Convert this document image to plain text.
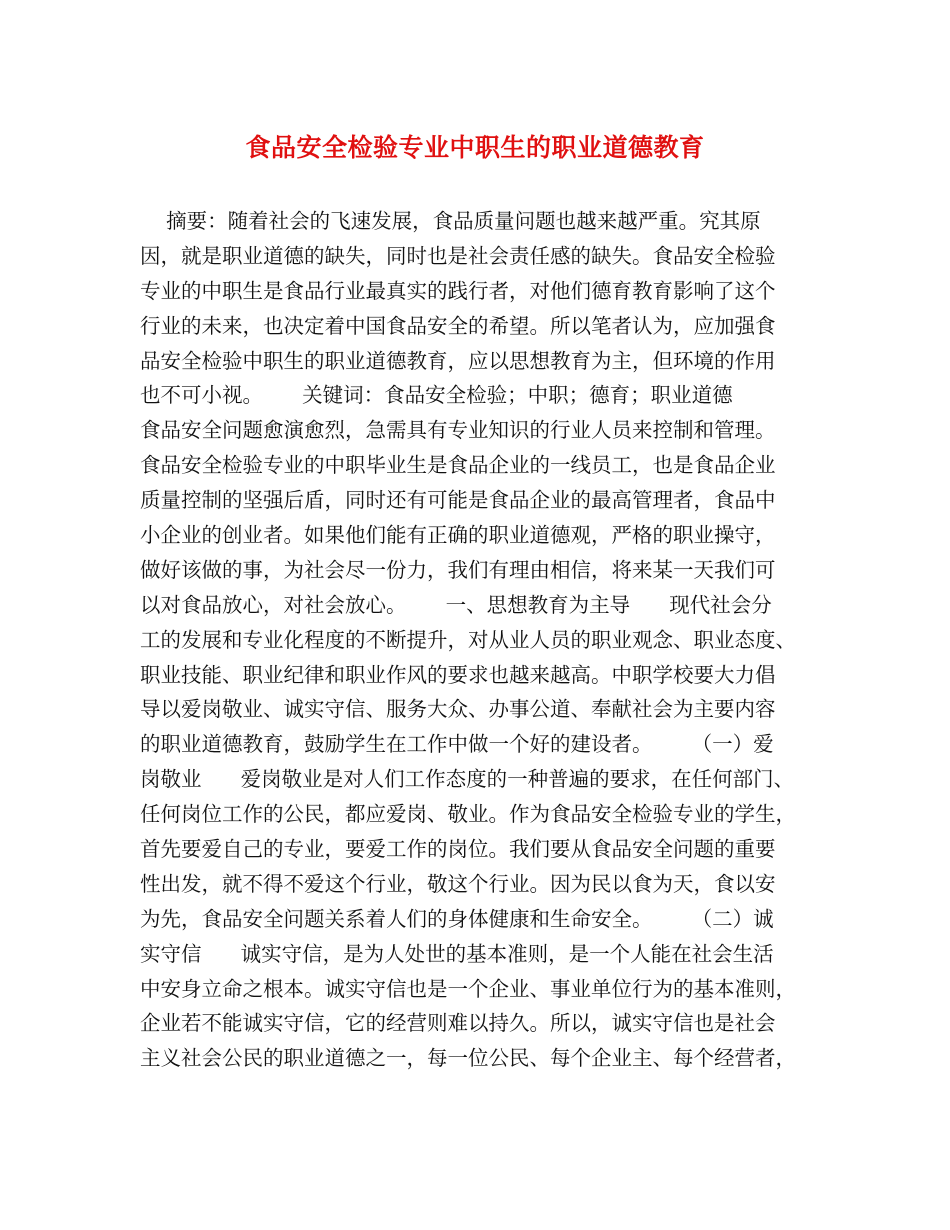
食品安全检验专业中职生的职业道德教育
摘要：随着社会的飞速发展，食品质量问题也越来越严重。究其原
因，就是职业道德的缺失，同时也是社会责任感的缺失。食品安全检验
专业的中职生是食品行业最真实的践行者，对他们德育教育影响了这个
行业的未来，也决定着中国食品安全的希望。所以笔者认为，应加强食
品安全检验中职生的职业道德教育，应以思想教育为主，但环境的作用
也不可小视。      关键词：食品安全检验；中职；德育；职业道德
食品安全问题愈演愈烈，急需具有专业知识的行业人员来控制和管理。
食品安全检验专业的中职毕业生是食品企业的一线员工，也是食品企业
质量控制的坚强后盾，同时还有可能是食品企业的最高管理者，食品中
小企业的创业者。如果他们能有正确的职业道德观，严格的职业操守，
做好该做的事，为社会尽一份力，我们有理由相信，将来某一天我们可
以对食品放心，对社会放心。      一、思想教育为主导      现代社会分
工的发展和专业化程度的不断提升，对从业人员的职业观念、职业态度、
职业技能、职业纪律和职业作风的要求也越来越高。中职学校要大力倡
导以爱岗敬业、诚实守信、服务大众、办事公道、奉献社会为主要内容
的职业道德教育，鼓励学生在工作中做一个好的建设者。      （一）爱
岗敬业      爱岗敬业是对人们工作态度的一种普遍的要求，在任何部门、
任何岗位工作的公民，都应爱岗、敬业。作为食品安全检验专业的学生，
首先要爱自己的专业，要爱工作的岗位。我们要从食品安全问题的重要
性出发，就不得不爱这个行业，敬这个行业。因为民以食为天，食以安
为先，食品安全问题关系着人们的身体健康和生命安全。      （二）诚
实守信      诚实守信，是为人处世的基本准则，是一个人能在社会生活
中安身立命之根本。诚实守信也是一个企业、事业单位行为的基本准则，
企业若不能诚实守信，它的经营则难以持久。所以，诚实守信也是社会
主义社会公民的职业道德之一，每一位公民、每个企业主、每个经营者，
